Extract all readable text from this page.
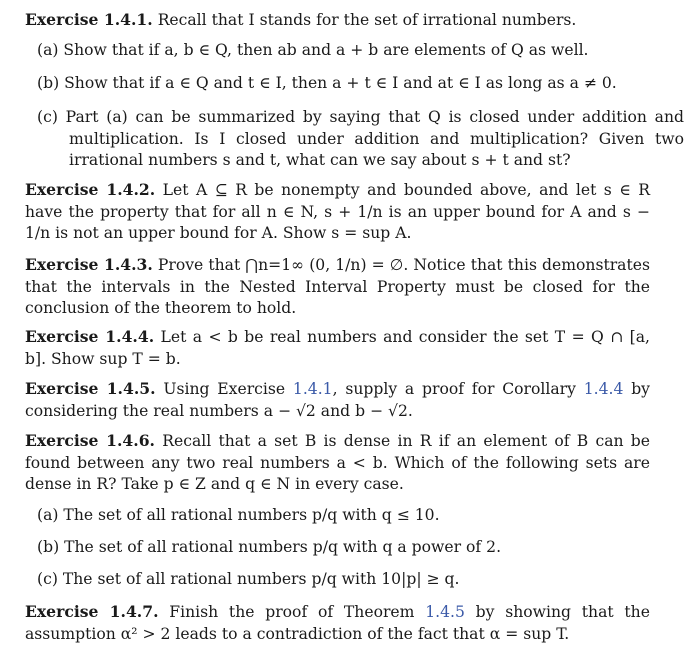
Exercise 1.4.1. Recall that I stands for the set of irrational numbers.
(a) Show that if a, b ∈ Q, then ab and a + b are elements of Q as well.
(b) Show that if a ∈ Q and t ∈ I, then a + t ∈ I and at ∈ I as long as a ≠ 0.
(c) Part (a) can be summarized by saying that Q is closed under addition and multiplication. Is I closed under addition and multiplication? Given two irrational numbers s and t, what can we say about s + t and st?
Exercise 1.4.2. Let A ⊆ R be nonempty and bounded above, and let s ∈ R have the property that for all n ∈ N, s + 1/n is an upper bound for A and s − 1/n is not an upper bound for A. Show s = sup A.
Exercise 1.4.3. Prove that ⋂n=1∞ (0, 1/n) = ∅. Notice that this demonstrates that the intervals in the Nested Interval Property must be closed for the conclusion of the theorem to hold.
Exercise 1.4.4. Let a < b be real numbers and consider the set T = Q ∩ [a, b]. Show sup T = b.
Exercise 1.4.5. Using Exercise 1.4.1, supply a proof for Corollary 1.4.4 by considering the real numbers a − √2 and b − √2.
Exercise 1.4.6. Recall that a set B is dense in R if an element of B can be found between any two real numbers a < b. Which of the following sets are dense in R? Take p ∈ Z and q ∈ N in every case.
(a) The set of all rational numbers p/q with q ≤ 10.
(b) The set of all rational numbers p/q with q a power of 2.
(c) The set of all rational numbers p/q with 10|p| ≥ q.
Exercise 1.4.7. Finish the proof of Theorem 1.4.5 by showing that the assumption α² > 2 leads to a contradiction of the fact that α = sup T.
